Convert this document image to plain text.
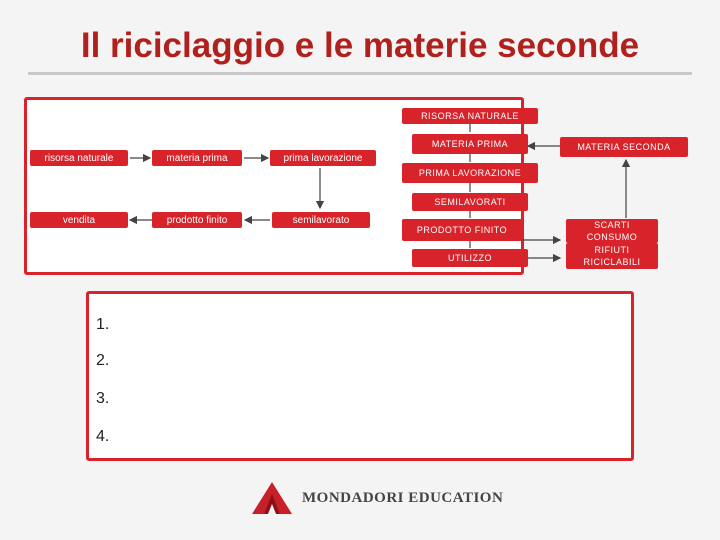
Il riciclaggio e le materie seconde
risorsa naturale	materia prima	prima lavorazione
semilavorato
prodotto finito
vendita
RISORSA NATURALE
MATERIA PRIMA
PRIMA LAVORAZIONE
SEMILAVORATI
PRODOTTO FINITO
UTILIZZO
MATERIA SECONDA
SCARTI
CONSUMO
RIFIUTI
RICICLABILI
1.
2.
3.
4.
MONDADORI EDUCATION
